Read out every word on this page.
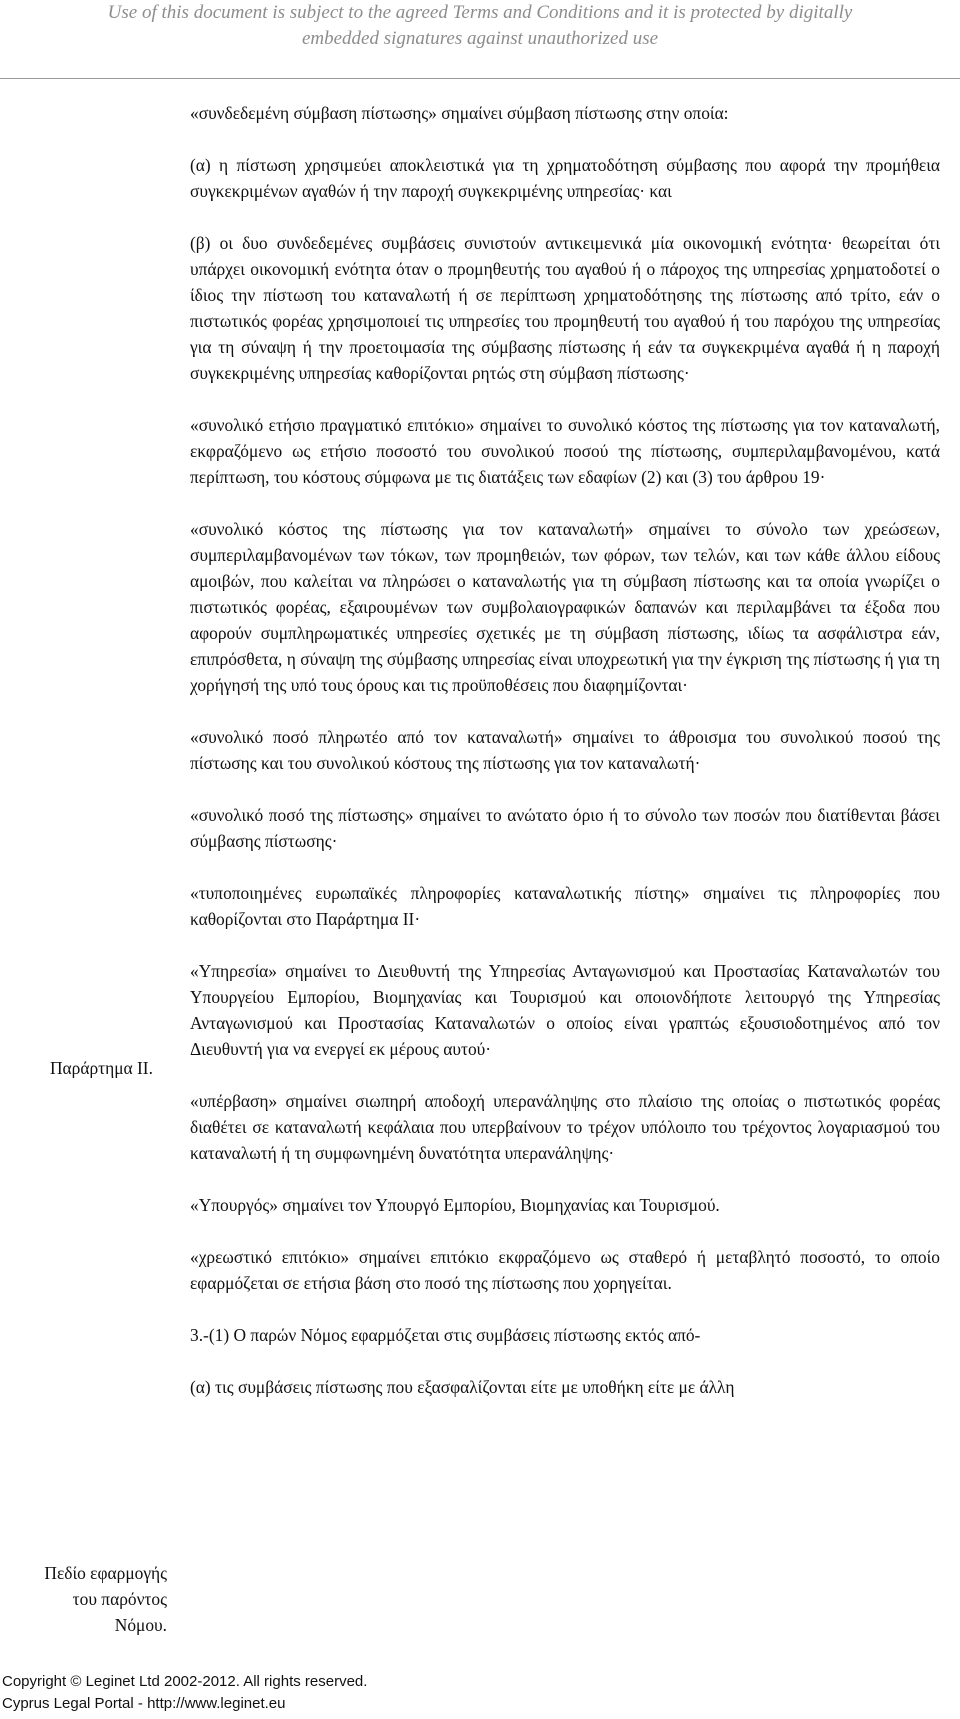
Use of this document is subject to the agreed Terms and Conditions and it is protected by digitally
embedded signatures against unauthorized use
Παράρτημα ΙΙ.
Πεδίο εφαρμογής
του παρόντος
Νόμου.

«συνδεδεμένη σύμβαση πίστωσης» σημαίνει σύμβαση πίστωσης στην οποία:

(α) η πίστωση χρησιμεύει αποκλειστικά για τη χρηματοδότηση σύμβασης που αφορά την προμήθεια συγκεκριμένων αγαθών ή την παροχή συγκεκριμένης υπηρεσίας· και

(β) οι δυο συνδεδεμένες συμβάσεις συνιστούν αντικειμενικά μία οικονομική ενότητα· θεωρείται ότι υπάρχει οικονομική ενότητα όταν ο προμηθευτής του αγαθού ή ο πάροχος της υπηρεσίας χρηματοδοτεί ο ίδιος την πίστωση του καταναλωτή ή σε περίπτωση χρηματοδότησης της πίστωσης από τρίτο, εάν ο πιστωτικός φορέας χρησιμοποιεί τις υπηρεσίες του προμηθευτή του αγαθού ή του παρόχου της υπηρεσίας για τη σύναψη ή την προετοιμασία της σύμβασης πίστωσης ή εάν τα συγκεκριμένα αγαθά ή η παροχή συγκεκριμένης υπηρεσίας καθορίζονται ρητώς στη σύμβαση πίστωσης·

«συνολικό ετήσιο πραγματικό επιτόκιο» σημαίνει το συνολικό κόστος της πίστωσης για τον καταναλωτή, εκφραζόμενο ως ετήσιο ποσοστό του συνολικού ποσού της πίστωσης, συμπεριλαμβανομένου, κατά περίπτωση, του κόστους σύμφωνα με τις διατάξεις των εδαφίων (2) και (3) του άρθρου 19·

«συνολικό κόστος της πίστωσης για τον καταναλωτή» σημαίνει το σύνολο των χρεώσεων, συμπεριλαμβανομένων των τόκων, των προμηθειών, των φόρων, των τελών, και των κάθε άλλου είδους αμοιβών, που καλείται να πληρώσει ο καταναλωτής για τη σύμβαση πίστωσης και τα οποία γνωρίζει ο πιστωτικός φορέας, εξαιρουμένων των συμβολαιογραφικών δαπανών και περιλαμβάνει τα έξοδα που αφορούν συμπληρωματικές υπηρεσίες σχετικές με τη σύμβαση πίστωσης, ιδίως τα ασφάλιστρα εάν, επιπρόσθετα, η σύναψη της σύμβασης υπηρεσίας είναι υποχρεωτική για την έγκριση της πίστωσης ή για τη χορήγησή της υπό τους όρους και τις προϋποθέσεις που διαφημίζονται·

«συνολικό ποσό πληρωτέο από τον καταναλωτή» σημαίνει το άθροισμα του συνολικού ποσού της πίστωσης και του συνολικού κόστους της πίστωσης για τον καταναλωτή·

«συνολικό ποσό της πίστωσης» σημαίνει το ανώτατο όριο ή το σύνολο των ποσών που διατίθενται βάσει σύμβασης πίστωσης·

«τυποποιημένες ευρωπαϊκές πληροφορίες καταναλωτικής πίστης» σημαίνει τις πληροφορίες που καθορίζονται στο Παράρτημα ΙΙ·

«Υπηρεσία» σημαίνει το Διευθυντή της Υπηρεσίας Ανταγωνισμού και Προστασίας Καταναλωτών του Υπουργείου Εμπορίου, Βιομηχανίας και Τουρισμού και οποιονδήποτε λειτουργό της Υπηρεσίας Ανταγωνισμού και Προστασίας Καταναλωτών ο οποίος είναι γραπτώς εξουσιοδοτημένος από τον Διευθυντή για να ενεργεί εκ μέρους αυτού·

«υπέρβαση» σημαίνει σιωπηρή αποδοχή υπερανάληψης στο πλαίσιο της οποίας ο πιστωτικός φορέας διαθέτει σε καταναλωτή κεφάλαια που υπερβαίνουν το τρέχον υπόλοιπο του τρέχοντος λογαριασμού του καταναλωτή ή τη συμφωνημένη δυνατότητα υπερανάληψης·

«Υπουργός» σημαίνει τον Υπουργό Εμπορίου, Βιομηχανίας και Τουρισμού.

«χρεωστικό επιτόκιο» σημαίνει επιτόκιο εκφραζόμενο ως σταθερό ή μεταβλητό ποσοστό, το οποίο εφαρμόζεται σε ετήσια βάση στο ποσό της πίστωσης που χορηγείται.

3.-(1) Ο παρών Νόμος εφαρμόζεται στις συμβάσεις πίστωσης εκτός από-

(α) τις συμβάσεις πίστωσης που εξασφαλίζονται είτε με υποθήκη είτε με άλλη

Copyright © Leginet Ltd 2002-2012. All rights reserved.
Cyprus Legal Portal - http://www.leginet.eu
